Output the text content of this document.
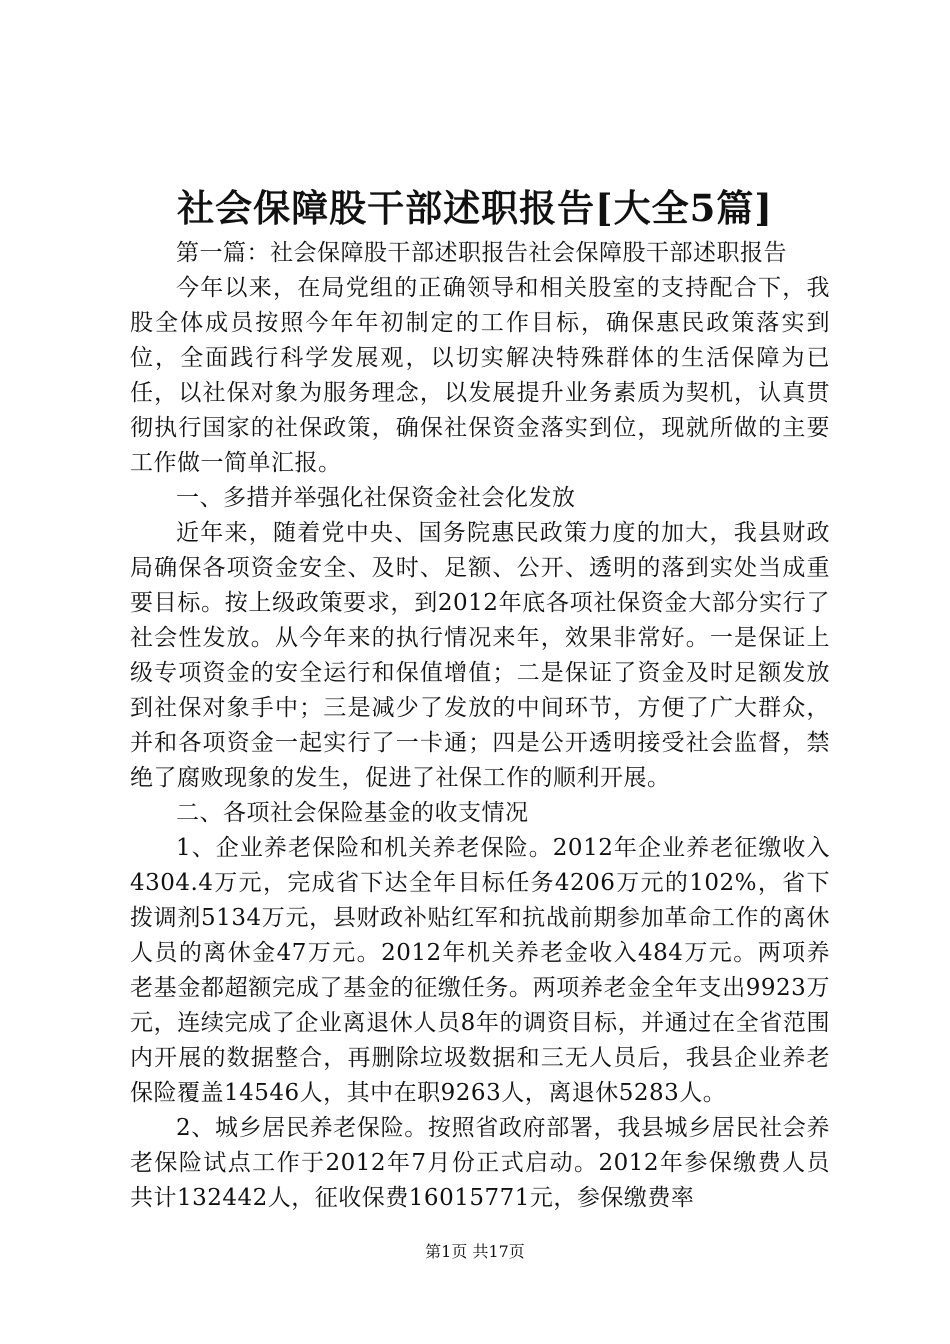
社会保障股干部述职报告[大全5篇]

第一篇：社会保障股干部述职报告社会保障股干部述职报告

今年以来，在局党组的正确领导和相关股室的支持配合下，我股全体成员按照今年年初制定的工作目标，确保惠民政策落实到位，全面践行科学发展观，以切实解决特殊群体的生活保障为已任，以社保对象为服务理念，以发展提升业务素质为契机，认真贯彻执行国家的社保政策，确保社保资金落实到位，现就所做的主要工作做一简单汇报。

一、多措并举强化社保资金社会化发放

近年来，随着党中央、国务院惠民政策力度的加大，我县财政局确保各项资金安全、及时、足额、公开、透明的落到实处当成重要目标。按上级政策要求，到2012年底各项社保资金大部分实行了社会性发放。从今年来的执行情况来年，效果非常好。一是保证上级专项资金的安全运行和保值增值；二是保证了资金及时足额发放到社保对象手中；三是减少了发放的中间环节，方便了广大群众，并和各项资金一起实行了一卡通；四是公开透明接受社会监督，禁绝了腐败现象的发生，促进了社保工作的顺利开展。

二、各项社会保险基金的收支情况

1、企业养老保险和机关养老保险。2012年企业养老征缴收入4304.4万元，完成省下达全年目标任务4206万元的102%，省下拨调剂5134万元，县财政补贴红军和抗战前期参加革命工作的离休人员的离休金47万元。2012年机关养老金收入484万元。两项养老基金都超额完成了基金的征缴任务。两项养老金全年支出9923万元，连续完成了企业离退休人员8年的调资目标，并通过在全省范围内开展的数据整合，再删除垃圾数据和三无人员后，我县企业养老保险覆盖14546人，其中在职9263人，离退休5283人。

2、城乡居民养老保险。按照省政府部署，我县城乡居民社会养老保险试点工作于2012年7月份正式启动。2012年参保缴费人员共计132442人，征收保费16015771元，参保缴费率

第1页 共17页
